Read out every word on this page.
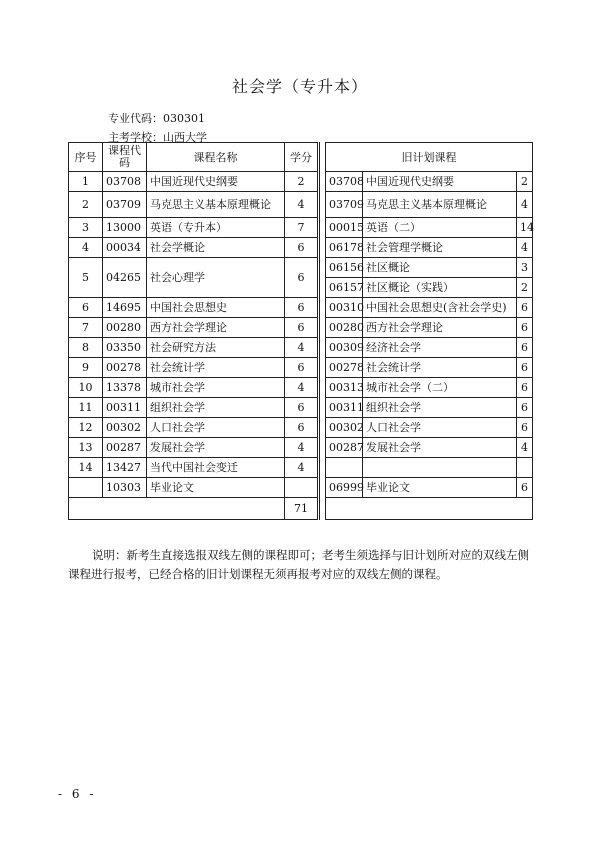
社会学（专升本）
专业代码：030301
主考学校：山西大学
序号	课程代码	课程名称	学分		旧计划课程		
1	03708	中国近现代史纲要	2		03708	中国近现代史纲要	2
2	03709	马克思主义基本原理概论	4		03709	马克思主义基本原理概论	4
3	13000	英语（专升本）	7		00015	英语（二）	14
4	00034	社会学概论	6		06178	社会管理学概论	4
5	04265	社会心理学	6		06156	社区概论	3
					06157	社区概论（实践）	2
6	14695	中国社会思想史	6		00310	中国社会思想史(含社会学史)	6
7	00280	西方社会学理论	6		00280	西方社会学理论	6
8	03350	社会研究方法	4		00309	经济社会学	6
9	00278	社会统计学	6		00278	社会统计学	6
10	13378	城市社会学	4		00313	城市社会学（二）	6
11	00311	组织社会学	6		00311	组织社会学	6
12	00302	人口社会学	6		00302	人口社会学	6
13	00287	发展社会学	4		00287	发展社会学	4
14	13427	当代中国社会变迁	4				
	10303	毕业论文			06999	毕业论文	6
			71				
说明：新考生直接选报双线左侧的课程即可；老考生须选择与旧计划所对应的双线左侧课程进行报考，已经合格的旧计划课程无须再报考对应的双线左侧的课程。
- 6 -
